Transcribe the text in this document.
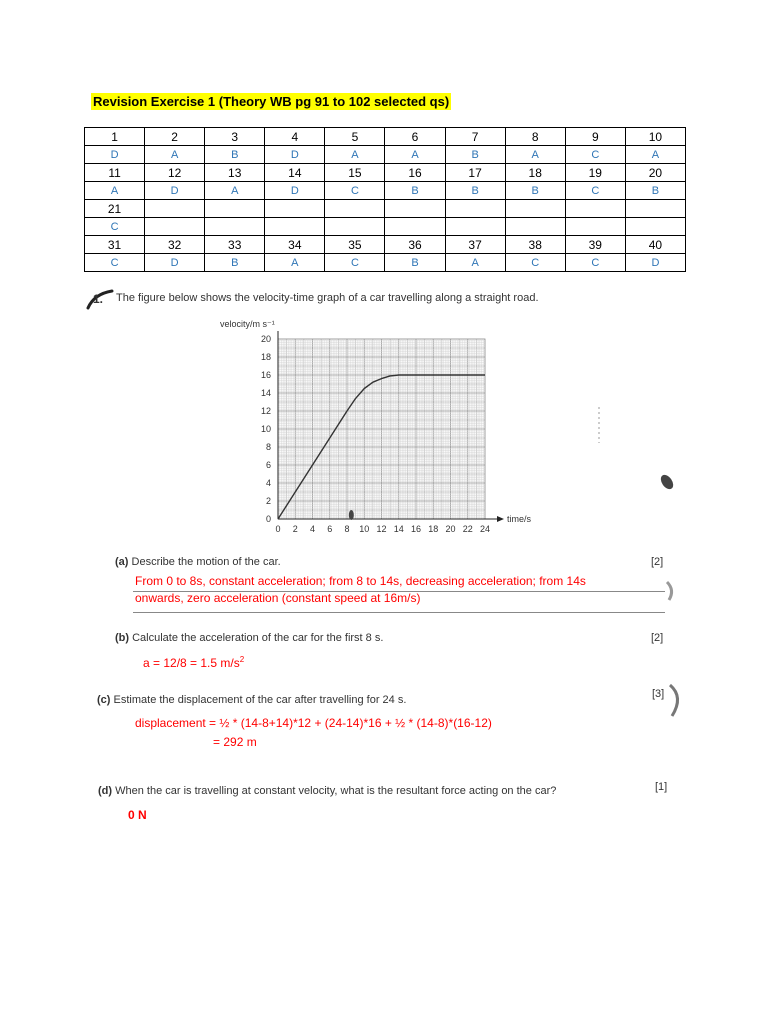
Revision Exercise 1 (Theory WB pg 91 to 102 selected qs)
1	2	3	4	5	6	7	8	9	10
D	A	B	D	A	A	B	A	C	A
11	12	13	14	15	16	17	18	19	20
A	D	A	D	C	B	B	B	C	B
21									
C									
31	32	33	34	35	36	37	38	39	40
C	D	B	A	C	B	A	C	C	D
1. The figure below shows the velocity-time graph of a car travelling along a straight road.
0 2 4 6 8 10 12 14 16 18 20 22 24
0
2
4
6
8
10
12
14
16
18
20
time/s
velocity/m s⁻¹
(a) Describe the motion of the car.	[2]
From 0 to 8s, constant acceleration; from 8 to 14s, decreasing acceleration; from 14s
onwards, zero acceleration (constant speed at 16m/s)
(b) Calculate the acceleration of the car for the first 8 s.	[2]
a = 12/8 = 1.5 $m/s^2$
(c) Estimate the displacement of the car after travelling for 24 s.	[3]
displacement = ½ * (14-8+14)*12 + (24-14)*16 + ½ * (14-8)*(16-12)
= 292 m
(d) When the car is travelling at constant velocity, what is the resultant force acting on the car?	[1]
0 N
